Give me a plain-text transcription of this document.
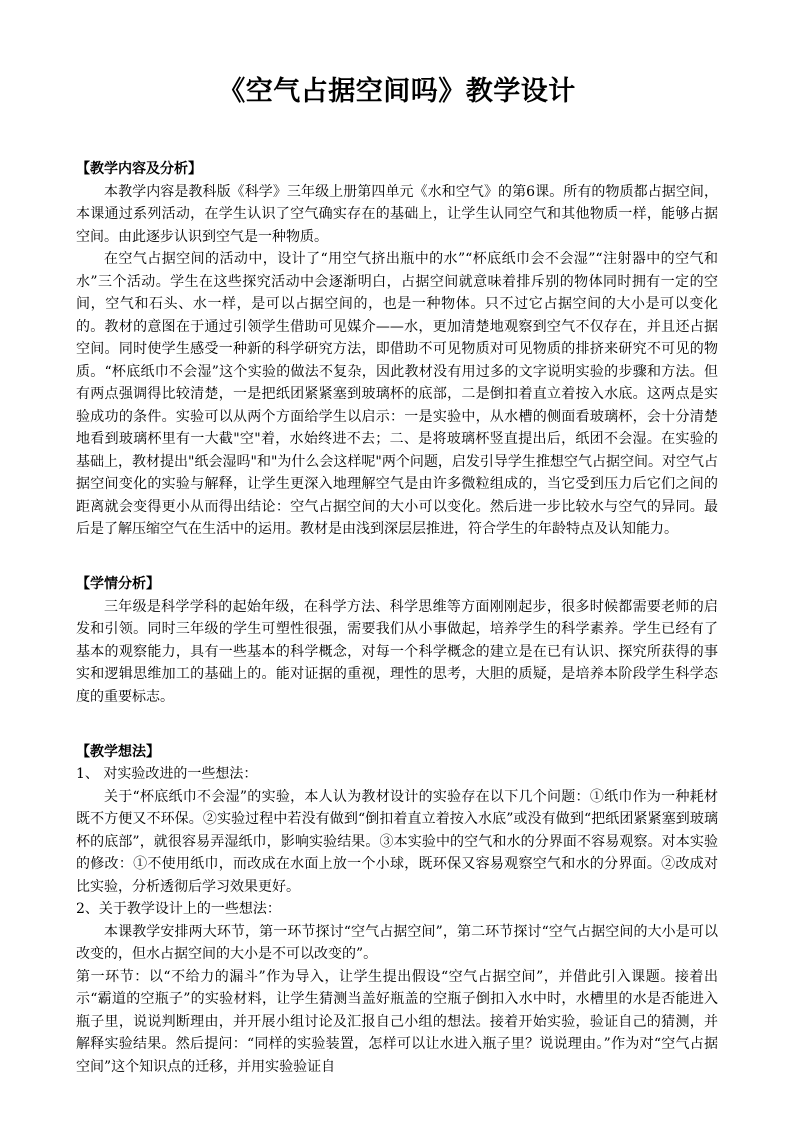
《空气占据空间吗》教学设计
【教学内容及分析】

本教学内容是教科版《科学》三年级上册第四单元《水和空气》的第6课。所有的物质都占据空间，本课通过系列活动，在学生认识了空气确实存在的基础上，让学生认同空气和其他物质一样，能够占据空间。由此逐步认识到空气是一种物质。

在空气占据空间的活动中，设计了“用空气挤出瓶中的水”“杯底纸巾会不会湿”“注射器中的空气和水”三个活动。学生在这些探究活动中会逐渐明白，占据空间就意味着排斥别的物体同时拥有一定的空间，空气和石头、水一样，是可以占据空间的，也是一种物体。只不过它占据空间的大小是可以变化的。教材的意图在于通过引领学生借助可见媒介——水，更加清楚地观察到空气不仅存在，并且还占据空间。同时使学生感受一种新的科学研究方法，即借助不可见物质对可见物质的排挤来研究不可见的物质。“杯底纸巾不会湿”这个实验的做法不复杂，因此教材没有用过多的文字说明实验的步骤和方法。但有两点强调得比较清楚，一是把纸团紧紧塞到玻璃杯的底部，二是倒扣着直立着按入水底。这两点是实验成功的条件。实验可以从两个方面给学生以启示：一是实验中，从水槽的侧面看玻璃杯，会十分清楚地看到玻璃杯里有一大截"空"着，水始终进不去；二、是将玻璃杯竖直提出后，纸团不会湿。在实验的基础上，教材提出"纸会湿吗"和"为什么会这样呢"两个问题，启发引导学生推想空气占据空间。对空气占据空间变化的实验与解释，让学生更深入地理解空气是由许多微粒组成的，当它受到压力后它们之间的距离就会变得更小从而得出结论：空气占据空间的大小可以变化。然后进一步比较水与空气的异同。最后是了解压缩空气在生活中的运用。教材是由浅到深层层推进，符合学生的年龄特点及认知能力。

【学情分析】

三年级是科学学科的起始年级，在科学方法、科学思维等方面刚刚起步，很多时候都需要老师的启发和引领。同时三年级的学生可塑性很强，需要我们从小事做起，培养学生的科学素养。学生已经有了基本的观察能力，具有一些基本的科学概念，对每一个科学概念的建立是在已有认识、探究所获得的事实和逻辑思维加工的基础上的。能对证据的重视，理性的思考，大胆的质疑，是培养本阶段学生科学态度的重要标志。

【教学想法】

1、 对实验改进的一些想法：

关于“杯底纸巾不会湿”的实验，本人认为教材设计的实验存在以下几个问题：①纸巾作为一种耗材既不方便又不环保。②实验过程中若没有做到“倒扣着直立着按入水底”或没有做到“把纸团紧紧塞到玻璃杯的底部”，就很容易弄湿纸巾，影响实验结果。③本实验中的空气和水的分界面不容易观察。对本实验的修改：①不使用纸巾，而改成在水面上放一个小球，既环保又容易观察空气和水的分界面。②改成对比实验，分析透彻后学习效果更好。

2、关于教学设计上的一些想法：

本课教学安排两大环节，第一环节探讨“空气占据空间”，第二环节探讨“空气占据空间的大小是可以改变的，但水占据空间的大小是不可以改变的”。

第一环节：以“不给力的漏斗”作为导入，让学生提出假设“空气占据空间”，并借此引入课题。接着出示“霸道的空瓶子”的实验材料，让学生猜测当盖好瓶盖的空瓶子倒扣入水中时，水槽里的水是否能进入瓶子里，说说判断理由，并开展小组讨论及汇报自己小组的想法。接着开始实验，验证自己的猜测，并解释实验结果。然后提问：“同样的实验装置，怎样可以让水进入瓶子里？说说理由。”作为对“空气占据空间”这个知识点的迁移，并用实验验证自
